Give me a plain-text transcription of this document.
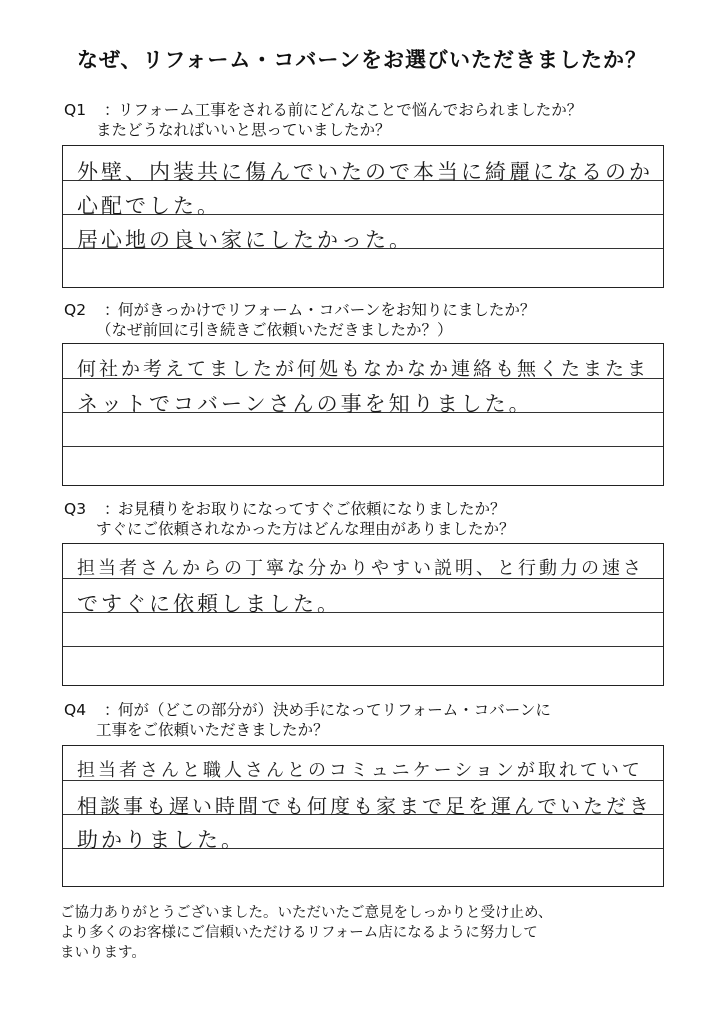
なぜ、リフォーム・コバーンをお選びいただきましたか？
Q1 ：リフォーム工事をされる前にどんなことで悩んでおられましたか？
またどうなればいいと思っていましたか？
外壁、内装共に傷んでいたので本当に綺麗になるのか
心配でした。
居心地の良い家にしたかった。
Q2 ：何がきっかけでリフォーム・コバーンをお知りにましたか？
（なぜ前回に引き続きご依頼いただきましたか？）
何社か考えてましたが何処もなかなか連絡も無くたまたま
ネットでコバーンさんの事を知りました。
Q3 ：お見積りをお取りになってすぐご依頼になりましたか？
すぐにご依頼されなかった方はどんな理由がありましたか？
担当者さんからの丁寧な分かりやすい説明、と行動力の速さ
ですぐに依頼しました。
Q4 ：何が（どこの部分が）決め手になってリフォーム・コバーンに
工事をご依頼いただきましたか？
担当者さんと職人さんとのコミュニケーションが取れていて
相談事も遅い時間でも何度も家まで足を運んでいただき
助かりました。
ご協力ありがとうございました。いただいたご意見をしっかりと受け止め、
より多くのお客様にご信頼いただけるリフォーム店になるように努力して
まいります。
